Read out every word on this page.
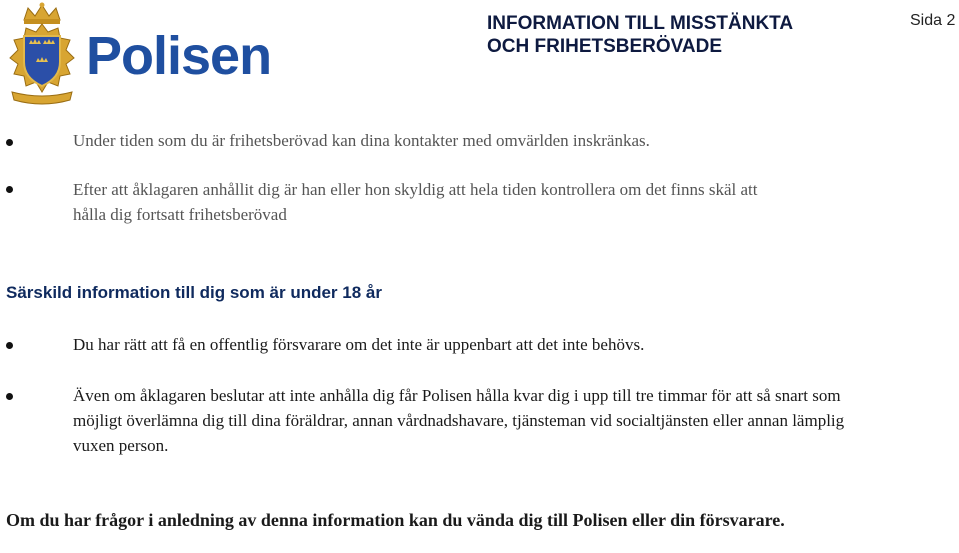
Polisen
INFORMATION TILL MISSTÄNKTA
OCH FRIHETSBERÖVADE
Sida 2
Under tiden som du är frihetsberövad kan dina kontakter med omvärlden inskränkas.
Efter att åklagaren anhållit dig är han eller hon skyldig att hela tiden kontrollera om det finns skäl att hålla dig fortsatt frihetsberövad
Särskild information till dig som är under 18 år
Du har rätt att få en offentlig försvarare om det inte är uppenbart att det inte behövs.
Även om åklagaren beslutar att inte anhålla dig får Polisen hålla kvar dig i upp till tre timmar för att så snart som möjligt överlämna dig till dina föräldrar, annan vårdnadshavare, tjänsteman vid socialtjänsten eller annan lämplig vuxen person.
Om du har frågor i anledning av denna information kan du vända dig till Polisen eller din försvarare.
